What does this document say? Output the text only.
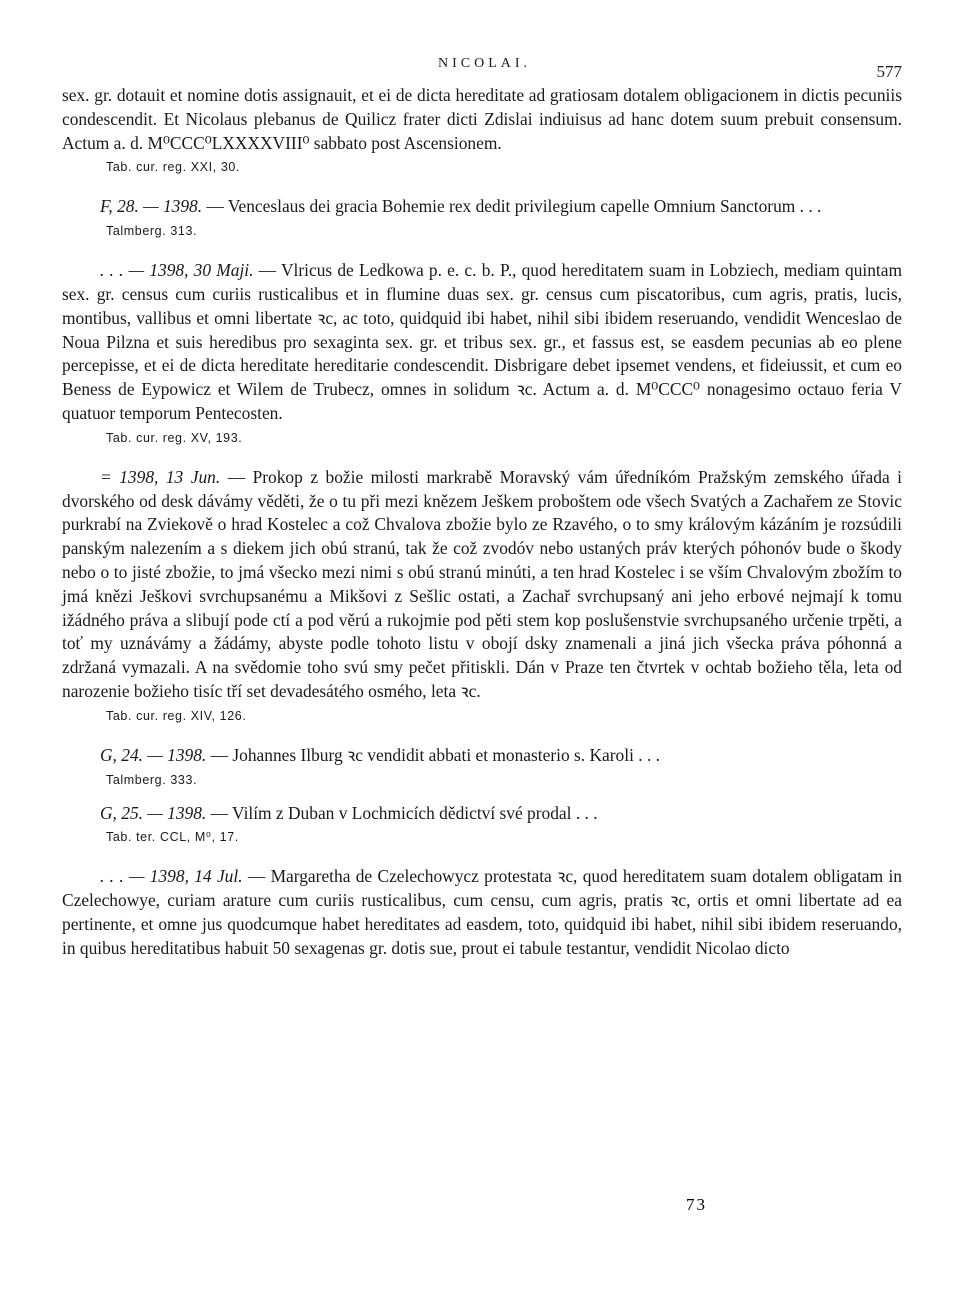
NICOLAI.	577

sex. gr. dotauit et nomine dotis assignauit, et ei de dicta hereditate ad gratiosam dotalem obligacionem in dictis pecuniis condescendit. Et Nicolaus plebanus de Quilicz frater dicti Zdislai indiuisus ad hanc dotem suum prebuit consensum. Actum a. d. M⁰CCC⁰LXXXXVIII⁰ sabbato post Ascensionem.

Tab. cur. reg. XXI, 30.

F, 28. — 1398. — Venceslaus dei gracia Bohemie rex dedit privilegium capelle Omnium Sanctorum . . .

Talmberg. 313.

. . . — 1398, 30 Maji. — Vlricus de Ledkowa p. e. c. b. P., quod hereditatem suam in Lobziech, mediam quintam sex. gr. census cum curiis rusticalibus et in flumine duas sex. gr. census cum piscatoribus, cum agris, pratis, lucis, montibus, vallibus et omni libertate ꝛc, ac toto, quidquid ibi habet, nihil sibi ibidem reseruando, vendidit Wenceslao de Noua Pilzna et suis heredibus pro sexaginta sex. gr. et tribus sex. gr., et fassus est, se easdem pecunias ab eo plene percepisse, et ei de dicta hereditate hereditarie condescendit. Disbrigare debet ipsemet vendens, et fideiussit, et cum eo Beness de Eypowicz et Wilem de Trubecz, omnes in solidum ꝛc. Actum a. d. M⁰CCC⁰ nonagesimo octauo feria V quatuor temporum Pentecosten.

Tab. cur. reg. XV, 193.

= 1398, 13 Jun. — Prokop z božie milosti markrabě Moravský vám úředníkóm Pražským zemského úřada i dvorského od desk dávámy věděti, že o tu při mezi knězem Ješkem proboštem ode všech Svatých a Zachařem ze Stovic purkrabí na Zviekově o hrad Kostelec a což Chvalova zbožie bylo ze Rzavého, o to smy královým kázáním je rozsúdili panským nalezením a s diekem jich obú stranú, tak že což zvodóv nebo ustaných práv kterých póhonóv bude o škody nebo o to jisté zbožie, to jmá všecko mezi nimi s obú stranú minúti, a ten hrad Kostelec i se vším Chvalovým zbožím to jmá knězi Ješkovi svrchupsanému a Mikšovi z Sešlic ostati, a Zachař svrchupsaný ani jeho erbové nejmají k tomu ižádného práva a slibují pode ctí a pod věrú a rukojmie pod pěti stem kop poslušenstvie svrchupsaného určenie trpěti, a toť my uznávámy a žádámy, abyste podle tohoto listu v obojí dsky znamenali a jiná jich všecka práva póhonná a zdržaná vymazali. A na svědomie toho svú smy pečet přitiskli. Dán v Praze ten čtvrtek v ochtab božieho těla, leta od narozenie božieho tisíc tří set devadesátého osmého, leta ꝛc.

Tab. cur. reg. XIV, 126.

G, 24. — 1398. — Johannes Ilburg ꝛc vendidit abbati et monasterio s. Karoli . . .

Talmberg. 333.

G, 25. — 1398. — Vilím z Duban v Lochmicích dědictví své prodal . . .

Tab. ter. CCL, M⁰, 17.

. . . — 1398, 14 Jul. — Margaretha de Czelechowycz protestata ꝛc, quod hereditatem suam dotalem obligatam in Czelechowye, curiam arature cum curiis rusticalibus, cum censu, cum agris, pratis ꝛc, ortis et omni libertate ad ea pertinente, et omne jus quodcumque habet hereditates ad easdem, toto, quidquid ibi habet, nihil sibi ibidem reseruando, in quibus hereditatibus habuit 50 sexagenas gr. dotis sue, prout ei tabule testantur, vendidit Nicolao dicto

73
